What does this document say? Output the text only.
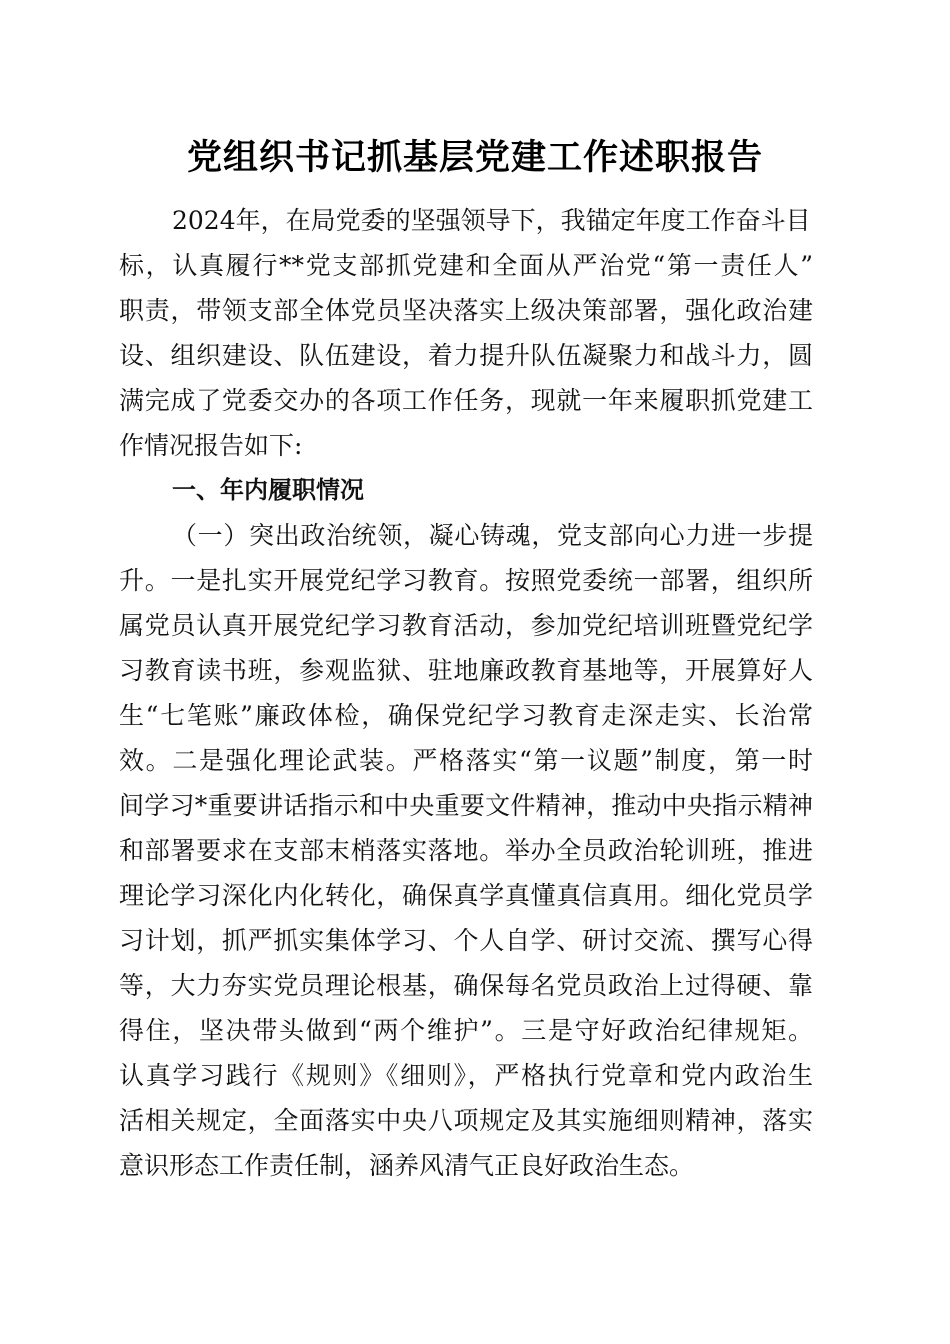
党组织书记抓基层党建工作述职报告
2024年，在局党委的坚强领导下，我锚定年度工作奋斗目
标，认真履行**党支部抓党建和全面从严治党“第一责任人”
职责，带领支部全体党员坚决落实上级决策部署，强化政治建
设、组织建设、队伍建设，着力提升队伍凝聚力和战斗力，圆
满完成了党委交办的各项工作任务，现就一年来履职抓党建工
作情况报告如下:
一、年内履职情况
（一）突出政治统领，凝心铸魂，党支部向心力进一步提
升。一是扎实开展党纪学习教育。按照党委统一部署，组织所
属党员认真开展党纪学习教育活动，参加党纪培训班暨党纪学
习教育读书班，参观监狱、驻地廉政教育基地等，开展算好人
生“七笔账”廉政体检，确保党纪学习教育走深走实、长治常
效。二是强化理论武装。严格落实“第一议题”制度，第一时
间学习*重要讲话指示和中央重要文件精神，推动中央指示精神
和部署要求在支部末梢落实落地。举办全员政治轮训班，推进
理论学习深化内化转化，确保真学真懂真信真用。细化党员学
习计划，抓严抓实集体学习、个人自学、研讨交流、撰写心得
等，大力夯实党员理论根基，确保每名党员政治上过得硬、靠
得住，坚决带头做到“两个维护”。三是守好政治纪律规矩。
认真学习践行《规则》《细则》，严格执行党章和党内政治生
活相关规定，全面落实中央八项规定及其实施细则精神，落实
意识形态工作责任制，涵养风清气正良好政治生态。
